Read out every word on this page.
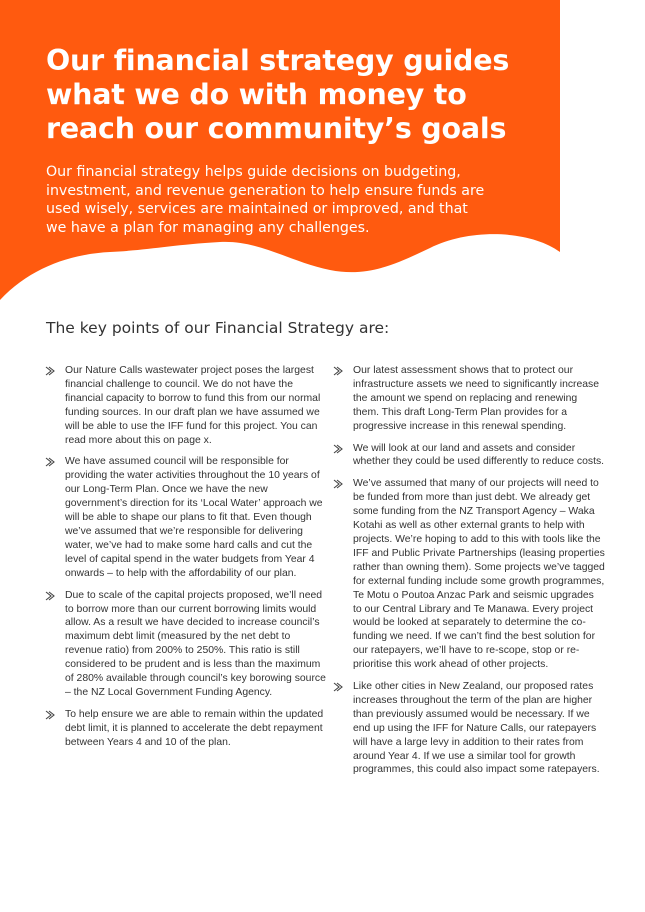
Our financial strategy guides what we do with money to reach our community’s goals

Our financial strategy helps guide decisions on budgeting, investment, and revenue generation to help ensure funds are used wisely, services are maintained or improved, and that we have a plan for managing any challenges.

The key points of our Financial Strategy are:
Our Nature Calls wastewater project poses the largest financial challenge to council. We do not have the financial capacity to borrow to fund this from our normal funding sources. In our draft plan we have assumed we will be able to use the IFF fund for this project. You can read more about this on page x.
We have assumed council will be responsible for providing the water activities throughout the 10 years of our Long-Term Plan. Once we have the new government’s direction for its ‘Local Water’ approach we will be able to shape our plans to fit that. Even though we’ve assumed that we’re responsible for delivering water, we’ve had to make some hard calls and cut the level of capital spend in the water budgets from Year 4 onwards – to help with the affordability of our plan.
Due to scale of the capital projects proposed, we’ll need to borrow more than our current borrowing limits would allow. As a result we have decided to increase council’s maximum debt limit (measured by the net debt to revenue ratio) from 200% to 250%. This ratio is still considered to be prudent and is less than the maximum of 280% available through council’s key borowing source – the NZ Local Government Funding Agency.
To help ensure we are able to remain within the updated debt limit, it is planned to accelerate the debt repayment between Years 4 and 10 of the plan.
Our latest assessment shows that to protect our infrastructure assets we need to significantly increase the amount we spend on replacing and renewing them. This draft Long-Term Plan provides for a progressive increase in this renewal spending.
We will look at our land and assets and consider whether they could be used differently to reduce costs.
We’ve assumed that many of our projects will need to be funded from more than just debt. We already get some funding from the NZ Transport Agency – Waka Kotahi as well as other external grants to help with projects. We’re hoping to add to this with tools like the IFF and Public Private Partnerships (leasing properties rather than owning them). Some projects we’ve tagged for external funding include some growth programmes, Te Motu o Poutoa Anzac Park and seismic upgrades to our Central Library and Te Manawa. Every project would be looked at separately to determine the co-funding we need. If we can’t find the best solution for our ratepayers, we’ll have to re-scope, stop or re-prioritise this work ahead of other projects.
Like other cities in New Zealand, our proposed rates increases throughout the term of the plan are higher than previously assumed would be necessary. If we end up using the IFF for Nature Calls, our ratepayers will have a large levy in addition to their rates from around Year 4. If we use a similar tool for growth programmes, this could also impact some ratepayers.
